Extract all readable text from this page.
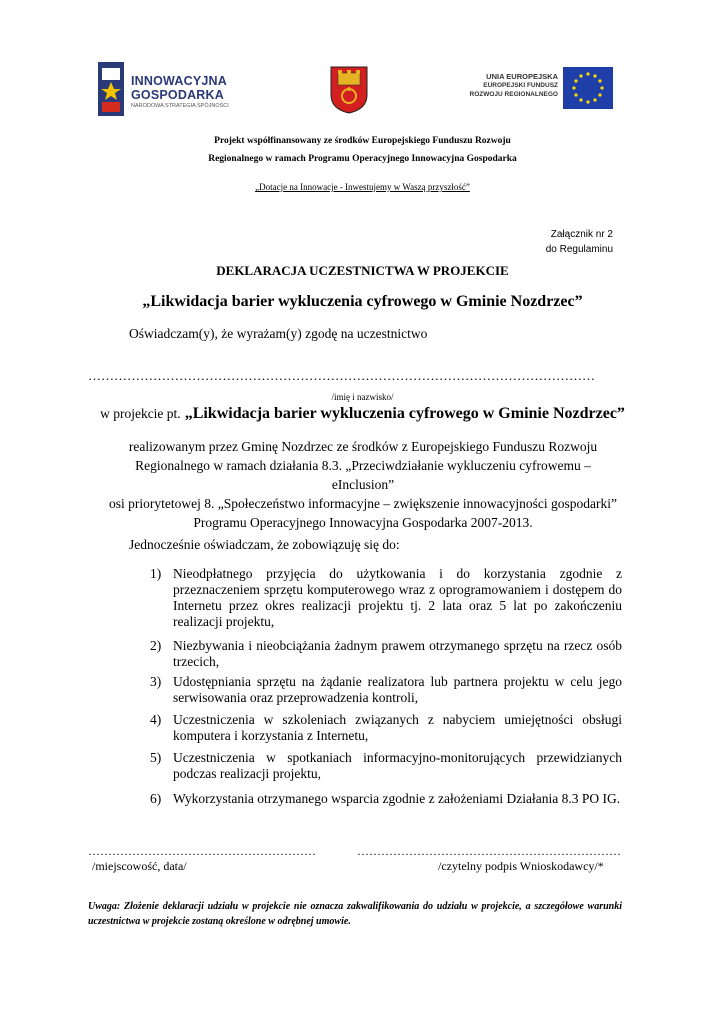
INNOWACYJNA
GOSPODARKA
NARODOWA STRATEGIA SPÓJNOŚCI
UNIA EUROPEJSKA
EUROPEJSKI FUNDUSZ
ROZWOJU REGIONALNEGO
Projekt współfinansowany ze środków Europejskiego Funduszu Rozwoju
Regionalnego w ramach Programu Operacyjnego Innowacyjna Gospodarka
„Dotacje na Innowacje - Inwestujemy w Waszą przyszłość”
Załącznik nr 2
do Regulaminu
DEKLARACJA UCZESTNICTWA W PROJEKCIE
„Likwidacja barier wykluczenia cyfrowego w Gminie Nozdrzec”
Oświadczam(y), że wyrażam(y) zgodę na uczestnictwo
………………………………………………………………………………………………………
/imię i nazwisko/
w projekcie pt. „Likwidacja barier wykluczenia cyfrowego w Gminie Nozdrzec”
realizowanym przez Gminę Nozdrzec ze środków z Europejskiego Funduszu Rozwoju
Regionalnego w ramach działania 8.3. „Przeciwdziałanie wykluczeniu cyfrowemu – eInclusion”
osi priorytetowej 8. „Społeczeństwo informacyjne – zwiększenie innowacyjności gospodarki”
Programu Operacyjnego Innowacyjna Gospodarka 2007-2013.
Jednocześnie oświadczam, że zobowiązuję się do:
1) Nieodpłatnego przyjęcia do użytkowania i do korzystania zgodnie z przeznaczeniem sprzętu komputerowego wraz z oprogramowaniem i dostępem do Internetu przez okres realizacji projektu tj. 2 lata oraz 5 lat po zakończeniu realizacji projektu,
2) Niezbywania i nieobciążania żadnym prawem otrzymanego sprzętu na rzecz osób trzecich,
3) Udostępniania sprzętu na żądanie realizatora lub partnera projektu w celu jego serwisowania oraz przeprowadzenia kontroli,
4) Uczestniczenia w szkoleniach związanych z nabyciem umiejętności obsługi komputera i korzystania z Internetu,
5) Uczestniczenia w spotkaniach informacyjno-monitorujących przewidzianych podczas realizacji projektu,
6) Wykorzystania otrzymanego wsparcia zgodnie z założeniami Działania 8.3 PO IG.
…………………………………………………
/miejscowość, data/
…………………………………………………………
/czytelny podpis Wnioskodawcy/*
Uwaga: Złożenie deklaracji udziału w projekcie nie oznacza zakwalifikowania do udziału w projekcie, a szczegółowe warunki uczestnictwa w projekcie zostaną określone w odrębnej umowie.
